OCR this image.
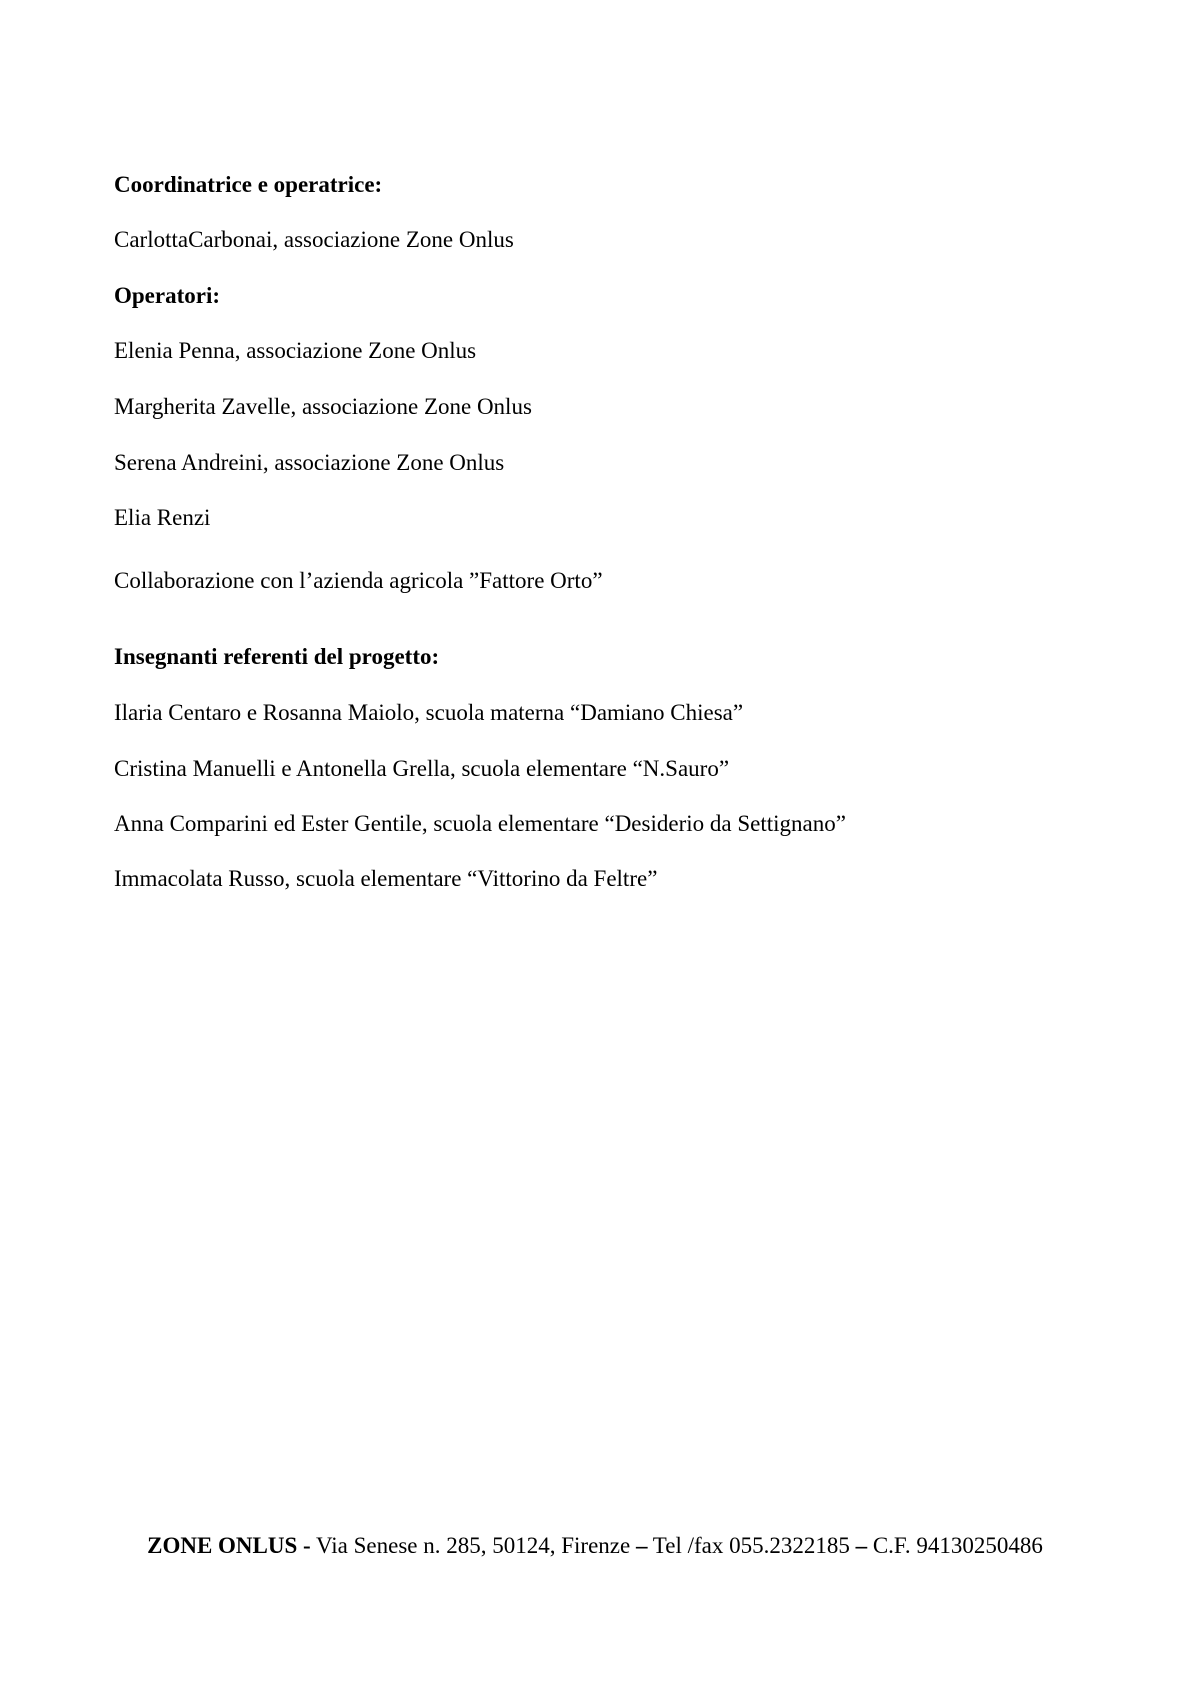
Coordinatrice e operatrice:
CarlottaCarbonai, associazione Zone Onlus
Operatori:
Elenia Penna, associazione Zone Onlus
Margherita Zavelle, associazione Zone Onlus
Serena Andreini, associazione Zone Onlus
Elia Renzi
Collaborazione con l’azienda agricola ”Fattore Orto”
Insegnanti referenti del progetto:
Ilaria Centaro e Rosanna Maiolo, scuola materna “Damiano Chiesa”
Cristina Manuelli e Antonella Grella, scuola elementare “N.Sauro”
Anna Comparini ed Ester Gentile, scuola elementare “Desiderio da Settignano”
Immacolata Russo, scuola elementare “Vittorino da Feltre”
ZONE ONLUS - Via Senese n. 285, 50124, Firenze – Tel /fax 055.2322185 – C.F. 94130250486
